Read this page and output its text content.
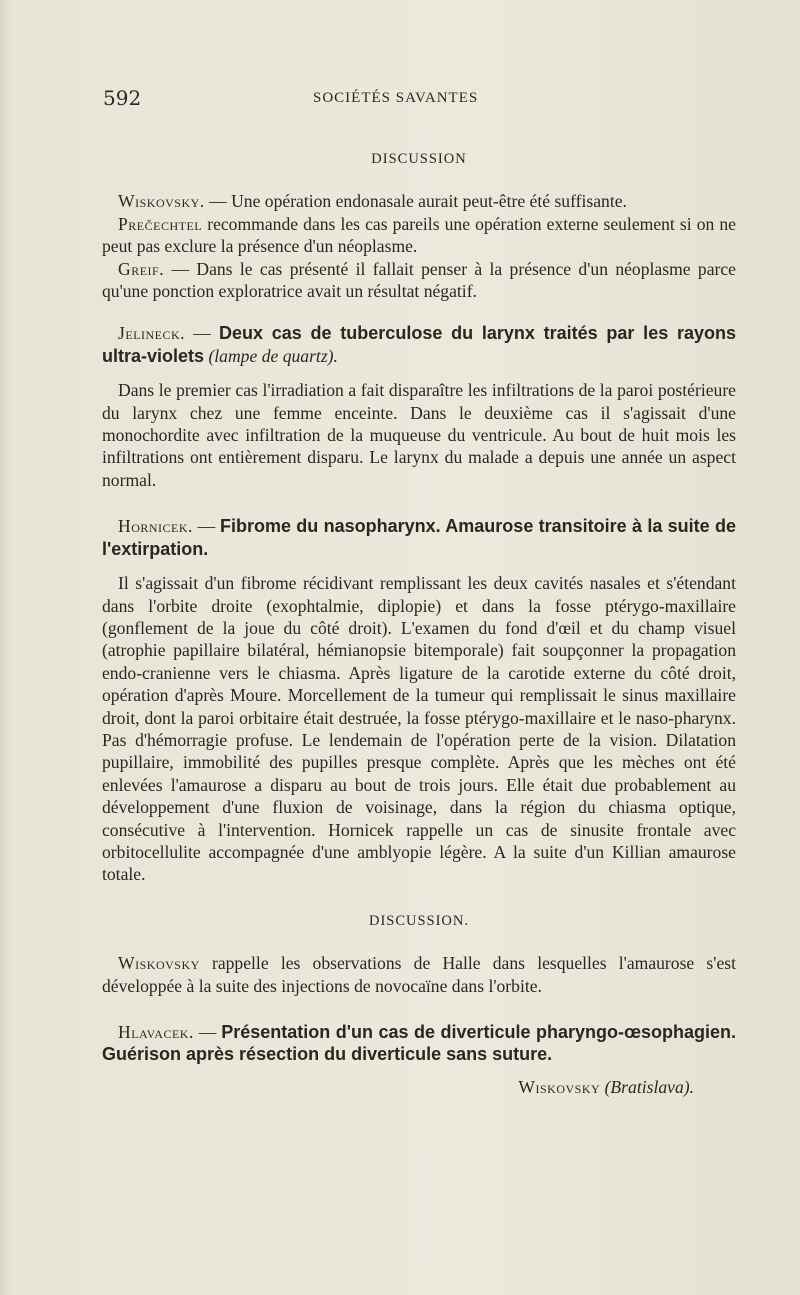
592	SOCIÉTÉS SAVANTES

DISCUSSION

Wiskovsky. — Une opération endonasale aurait peut-être été suffisante.

Prečechtel recommande dans les cas pareils une opération externe seulement si on ne peut pas exclure la présence d'un néoplasme.

Greif. — Dans le cas présenté il fallait penser à la présence d'un néoplasme parce qu'une ponction exploratrice avait un résultat négatif.

Jelineck. — Deux cas de tuberculose du larynx traités par les rayons ultra-violets (lampe de quartz).

Dans le premier cas l'irradiation a fait disparaître les infiltrations de la paroi postérieure du larynx chez une femme enceinte. Dans le deuxième cas il s'agissait d'une monochordite avec infiltration de la muqueuse du ventricule. Au bout de huit mois les infiltrations ont entièrement disparu. Le larynx du malade a depuis une année un aspect normal.

Hornicek. — Fibrome du nasopharynx. Amaurose transitoire à la suite de l'extirpation.

Il s'agissait d'un fibrome récidivant remplissant les deux cavités nasales et s'étendant dans l'orbite droite (exophtalmie, diplopie) et dans la fosse ptérygo-maxillaire (gonflement de la joue du côté droit). L'examen du fond d'œil et du champ visuel (atrophie papillaire bilatéral, hémianopsie bitemporale) fait soupçonner la propagation endo-cranienne vers le chiasma. Après ligature de la carotide externe du côté droit, opération d'après Moure. Morcellement de la tumeur qui remplissait le sinus maxillaire droit, dont la paroi orbitaire était destruée, la fosse ptérygo-maxillaire et le naso-pharynx. Pas d'hémorragie profuse. Le lendemain de l'opération perte de la vision. Dilatation pupillaire, immobilité des pupilles presque complète. Après que les mèches ont été enlevées l'amaurose a disparu au bout de trois jours. Elle était due probablement au développement d'une fluxion de voisinage, dans la région du chiasma optique, consécutive à l'intervention. Hornicek rappelle un cas de sinusite frontale avec orbitocellulite accompagnée d'une amblyopie légère. A la suite d'un Killian amaurose totale.

DISCUSSION.

Wiskovsky rappelle les observations de Halle dans lesquelles l'amaurose s'est développée à la suite des injections de novocaïne dans l'orbite.

Hlavacek. — Présentation d'un cas de diverticule pharyngo-œsophagien. Guérison après résection du diverticule sans suture.

Wiskovsky (Bratislava).
